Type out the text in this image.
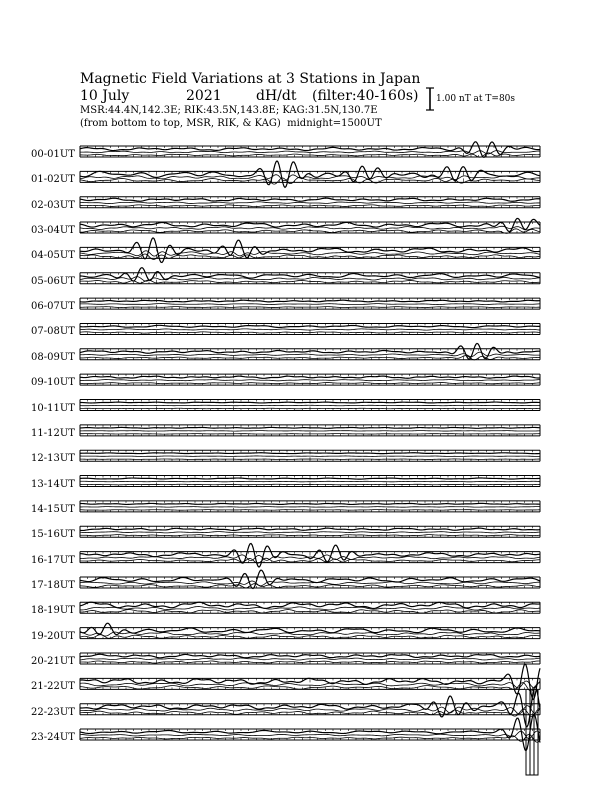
Magnetic Field Variations at 3 Stations in Japan
10 July	2021 dH/dt (filter:40-160s)
MSR:44.4N,142.3E; RIK:43.5N,143.8E; KAG:31.5N,130.7E
(from bottom to top, MSR, RIK, & KAG) midnight=1500UT
1.00 nT at T=80s
00-01UT
01-02UT
02-03UT
03-04UT
04-05UT
05-06UT
06-07UT
07-08UT
08-09UT
09-10UT
10-11UT
11-12UT
12-13UT
13-14UT
14-15UT
15-16UT
16-17UT
17-18UT
18-19UT
19-20UT
20-21UT
21-22UT
22-23UT
23-24UT
